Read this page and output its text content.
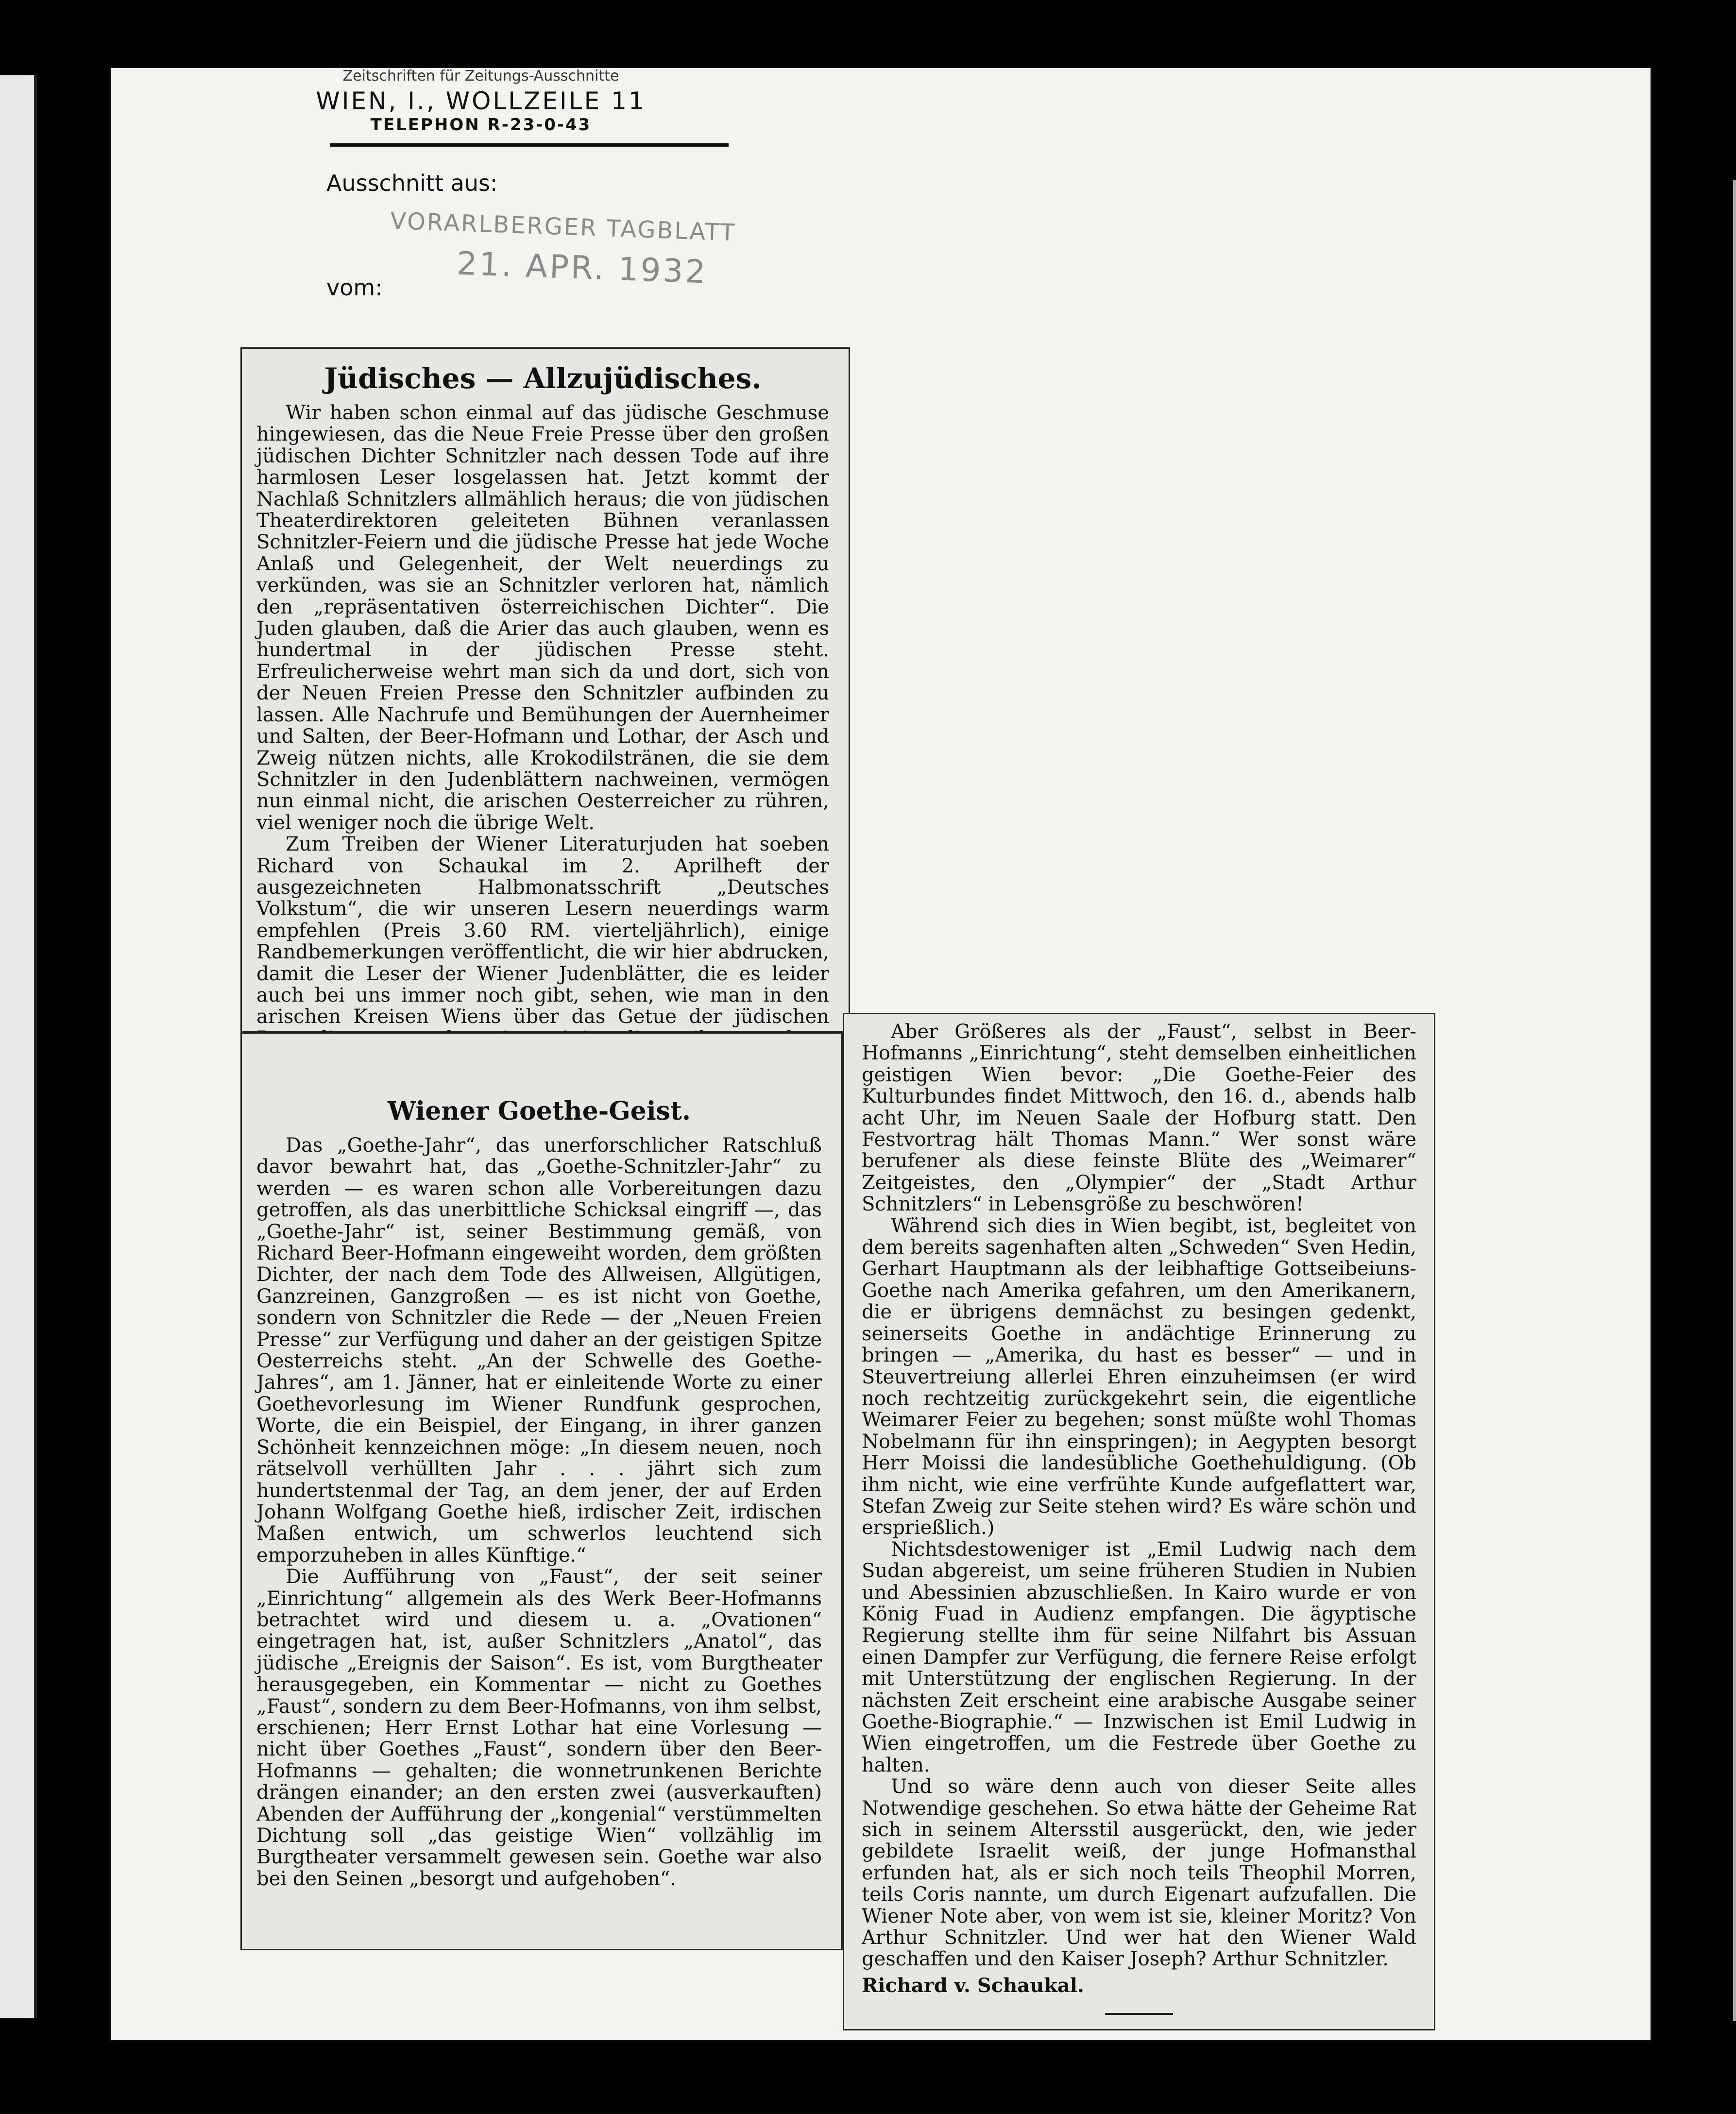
Zeitschriften für Zeitungs-Ausschnitte
WIEN, I., WOLLZEILE 11
TELEPHON R-23-0-43
Ausschnitt aus:
vom:
VORARLBERGER TAGBLATT
21. APR. 1932
Jüdisches — Allzujüdisches.

Wir haben schon einmal auf das jüdische Geschmuse hingewiesen, das die Neue Freie Presse über den großen jüdischen Dichter Schnitzler nach dessen Tode auf ihre harmlosen Leser losgelassen hat. Jetzt kommt der Nachlaß Schnitzlers allmählich heraus; die von jüdischen Theaterdirektoren geleiteten Bühnen veranlassen Schnitzler-Feiern und die jüdische Presse hat jede Woche Anlaß und Gelegenheit, der Welt neuerdings zu verkünden, was sie an Schnitzler verloren hat, nämlich den „repräsentativen österreichischen Dichter“. Die Juden glauben, daß die Arier das auch glauben, wenn es hundertmal in der jüdischen Presse steht. Erfreulicherweise wehrt man sich da und dort, sich von der Neuen Freien Presse den Schnitzler aufbinden zu lassen. Alle Nachrufe und Bemühungen der Auernheimer und Salten, der Beer-Hofmann und Lothar, der Asch und Zweig nützen nichts, alle Krokodilstränen, die sie dem Schnitzler in den Judenblättern nachweinen, vermögen nun einmal nicht, die arischen Oesterreicher zu rühren, viel weniger noch die übrige Welt.

Zum Treiben der Wiener Literaturjuden hat soeben Richard von Schaukal im 2. Aprilheft der ausgezeichneten Halbmonatsschrift „Deutsches Volkstum“, die wir unseren Lesern neuerdings warm empfehlen (Preis 3.60 RM. vierteljährlich), einige Randbemerkungen veröffentlicht, die wir hier abdrucken, damit die Leser der Wiener Judenblätter, die es leider auch bei uns immer noch gibt, sehen, wie man in den arischen Kreisen Wiens über das Getue der jüdischen

Wiener Goethe-Geist.

Das „Goethe-Jahr“, das unerforschlicher Ratschluß davor bewahrt hat, das „Goethe-Schnitzler-Jahr“ zu werden — es waren schon alle Vorbereitungen dazu getroffen, als das unerbittliche Schicksal eingriff —, das „Goethe-Jahr“ ist, seiner Bestimmung gemäß, von Richard Beer-Hofmann eingeweiht worden, dem größten Dichter, der nach dem Tode des Allweisen, Allgütigen, Ganzreinen, Ganzgroßen — es ist nicht von Goethe, sondern von Schnitzler die Rede — der „Neuen Freien Presse“ zur Verfügung und daher an der geistigen Spitze Oesterreichs steht. „An der Schwelle des Goethe-Jahres“, am 1. Jänner, hat er einleitende Worte zu einer Goethevorlesung im Wiener Rundfunk gesprochen, Worte, die ein Beispiel, der Eingang, in ihrer ganzen Schönheit kennzeichnen möge: „In diesem neuen, noch rätselvoll verhüllten Jahr . . . jährt sich zum hundertstenmal der Tag, an dem jener, der auf Erden Johann Wolfgang Goethe hieß, irdischer Zeit, irdischen Maßen entwich, um schwerlos leuchtend sich emporzuheben in alles Künftige.“

Die Aufführung von „Faust“, der seit seiner „Einrichtung“ allgemein als des Werk Beer-Hofmanns betrachtet wird und diesem u. a. „Ovationen“ eingetragen hat, ist, außer Schnitzlers „Anatol“, das jüdische „Ereignis der Saison“. Es ist, vom Burgtheater herausgegeben, ein Kommentar — nicht zu Goethes „Faust“, sondern zu dem Beer-Hofmanns, von ihm selbst, erschienen; Herr Ernst Lothar hat eine Vorlesung — nicht über Goethes „Faust“, sondern über den Beer-Hofmanns — gehalten; die wonnetrunkenen Berichte drängen einander; an den ersten zwei (ausverkauften) Abenden der Aufführung der „kongenial“ verstümmelten Dichtung soll „das geistige Wien“ vollzählig im Burgtheater versammelt gewesen sein. Goethe war also bei den Seinen „besorgt und aufgehoben“.

Aber Größeres als der „Faust“, selbst in Beer-Hofmanns „Einrichtung“, steht demselben einheitlichen geistigen Wien bevor: „Die Goethe-Feier des Kulturbundes findet Mittwoch, den 16. d., abends halb acht Uhr, im Neuen Saale der Hofburg statt. Den Festvortrag hält Thomas Mann.“ Wer sonst wäre berufener als diese feinste Blüte des „Weimarer“ Zeitgeistes, den „Olympier“ der „Stadt Arthur Schnitzlers“ in Lebensgröße zu beschwören!

Während sich dies in Wien begibt, ist, begleitet von dem bereits sagenhaften alten „Schweden“ Sven Hedin, Gerhart Hauptmann als der leibhaftige Gottseibeiuns-Goethe nach Amerika gefahren, um den Amerikanern, die er übrigens demnächst zu besingen gedenkt, seinerseits Goethe in andächtige Erinnerung zu bringen — „Amerika, du hast es besser“ — und in Steuvertreiung allerlei Ehren einzuheimsen (er wird noch rechtzeitig zurückgekehrt sein, die eigentliche Weimarer Feier zu begehen; sonst müßte wohl Thomas Nobelmann für ihn einspringen); in Aegypten besorgt Herr Moissi die landesübliche Goethehuldigung. (Ob ihm nicht, wie eine verfrühte Kunde aufgeflattert war, Stefan Zweig zur Seite stehen wird? Es wäre schön und ersprießlich.)

Nichtsdestoweniger ist „Emil Ludwig nach dem Sudan abgereist, um seine früheren Studien in Nubien und Abessinien abzuschließen. In Kairo wurde er von König Fuad in Audienz empfangen. Die ägyptische Regierung stellte ihm für seine Nilfahrt bis Assuan einen Dampfer zur Verfügung, die fernere Reise erfolgt mit Unterstützung der englischen Regierung. In der nächsten Zeit erscheint eine arabische Ausgabe seiner Goethe-Biographie.“ — Inzwischen ist Emil Ludwig in Wien eingetroffen, um die Festrede über Goethe zu halten.

Und so wäre denn auch von dieser Seite alles Notwendige geschehen. So etwa hätte der Geheime Rat sich in seinem Altersstil ausgerückt, den, wie jeder gebildete Israelit weiß, der junge Hofmansthal erfunden hat, als er sich noch teils Theophil Morren, teils Coris nannte, um durch Eigenart aufzufallen. Die Wiener Note aber, von wem ist sie, kleiner Moritz? Von Arthur Schnitzler. Und wer hat den Wiener Wald geschaffen und den Kaiser Joseph? Arthur Schnitzler.

Richard v. Schaukal.
